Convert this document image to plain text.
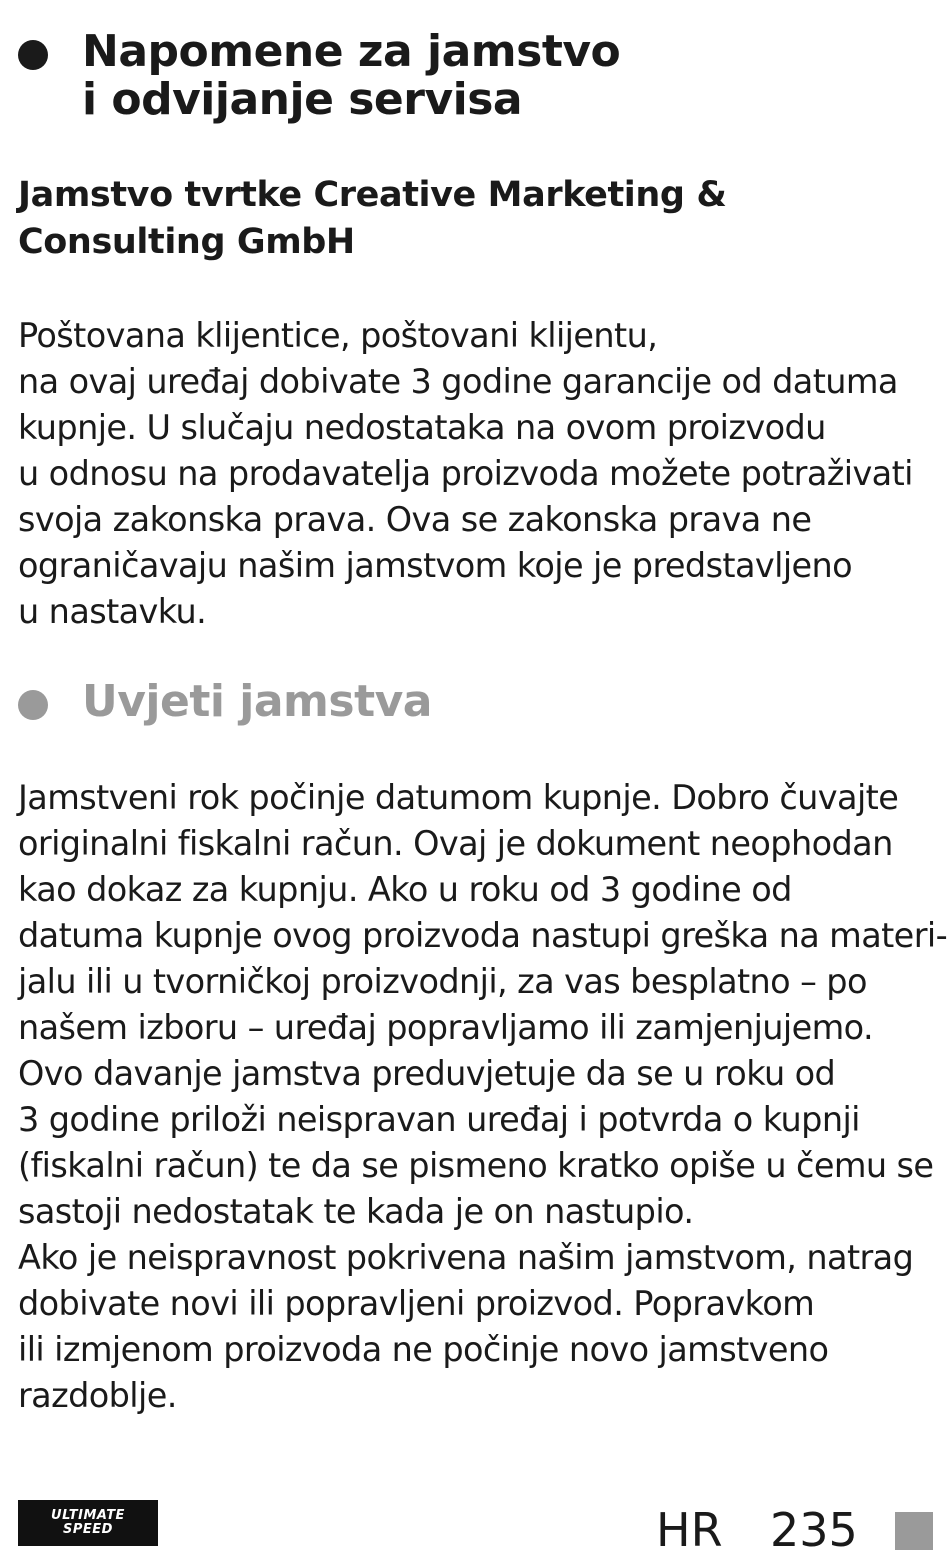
Napomene za jamstvo
i odvijanje servisa
Jamstvo tvrtke Creative Marketing &
Consulting GmbH
Poštovana klijentice, poštovani klijentu,
na ovaj uređaj dobivate 3 godine garancije od datuma
kupnje. U slučaju nedostataka na ovom proizvodu
u odnosu na prodavatelja proizvoda možete potraživati
svoja zakonska prava. Ova se zakonska prava ne
ograničavaju našim jamstvom koje je predstavljeno
u nastavku.
Uvjeti jamstva
Jamstveni rok počinje datumom kupnje. Dobro čuvajte
originalni fiskalni račun. Ovaj je dokument neophodan
kao dokaz za kupnju. Ako u roku od 3 godine od
datuma kupnje ovog proizvoda nastupi greška na materi-
jalu ili u tvorničkoj proizvodnji, za vas besplatno – po
našem izboru – uređaj popravljamo ili zamjenjujemo.
Ovo davanje jamstva preduvjetuje da se u roku od
3 godine priloži neispravan uređaj i potvrda o kupnji
(fiskalni račun) te da se pismeno kratko opiše u čemu se
sastoji nedostatak te kada je on nastupio.
Ako je neispravnost pokrivena našim jamstvom, natrag
dobivate novi ili popravljeni proizvod. Popravkom
ili izmjenom proizvoda ne počinje novo jamstveno
razdoblje.
ULTIMATE
SPEED	HR 235
